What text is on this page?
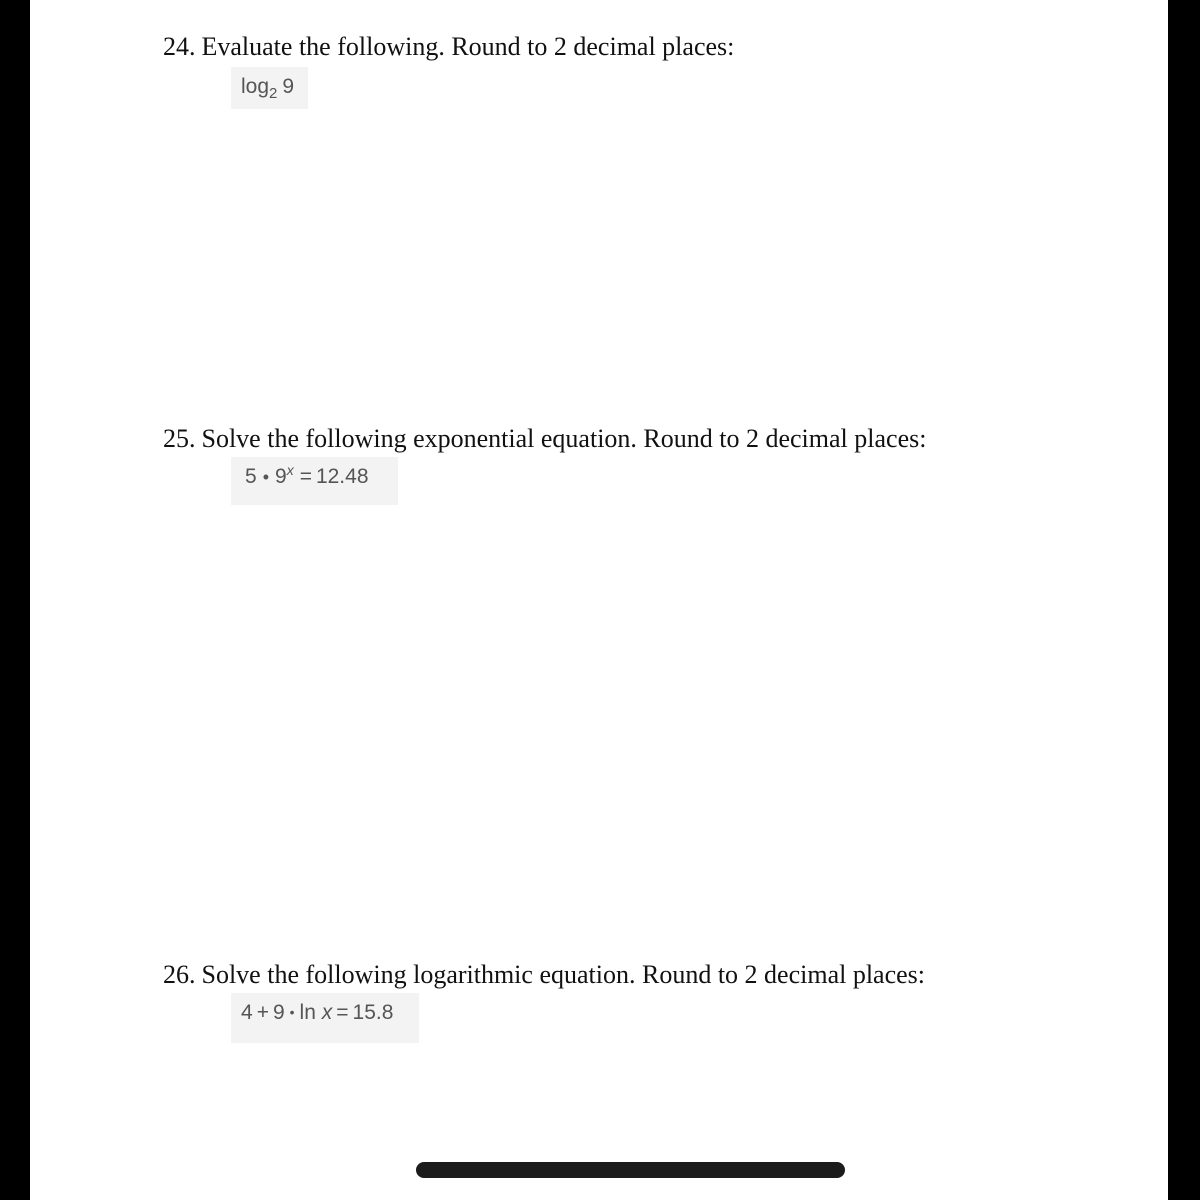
24. Evaluate the following. Round to 2 decimal places:
$\log_2 9$
25. Solve the following exponential equation. Round to 2 decimal places:
5 • $9^x = 12.48$
26. Solve the following logarithmic equation. Round to 2 decimal places:
4 + 9 • ln x = 15.8
